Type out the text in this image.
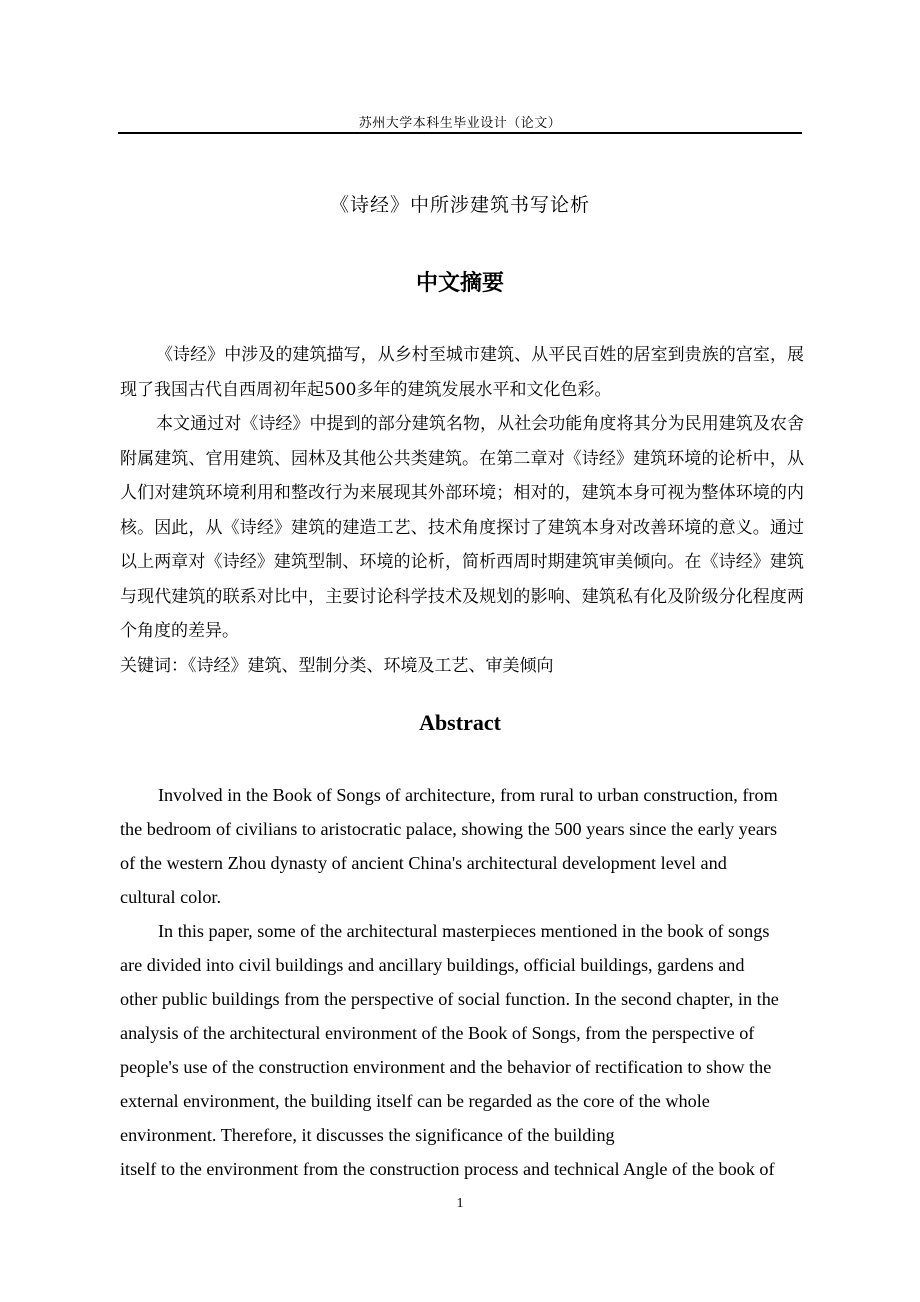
苏州大学本科生毕业设计（论文）
《诗经》中所涉建筑书写论析
中文摘要

《诗经》中涉及的建筑描写，从乡村至城市建筑、从平民百姓的居室到贵族的宫室，展现了我国古代自西周初年起500多年的建筑发展水平和文化色彩。

本文通过对《诗经》中提到的部分建筑名物，从社会功能角度将其分为民用建筑及农舍附属建筑、官用建筑、园林及其他公共类建筑。在第二章对《诗经》建筑环境的论析中，从人们对建筑环境利用和整改行为来展现其外部环境；相对的，建筑本身可视为整体环境的内核。因此，从《诗经》建筑的建造工艺、技术角度探讨了建筑本身对改善环境的意义。通过以上两章对《诗经》建筑型制、环境的论析，简析西周时期建筑审美倾向。在《诗经》建筑与现代建筑的联系对比中，主要讨论科学技术及规划的影响、建筑私有化及阶级分化程度两个角度的差异。

关键词：《诗经》建筑、型制分类、环境及工艺、审美倾向

Abstract

Involved in the Book of Songs of architecture, from rural to urban construction, from
the bedroom of civilians to aristocratic palace, showing the 500 years since the early years
of the western Zhou dynasty of ancient China's architectural development level and
cultural color.

In this paper, some of the architectural masterpieces mentioned in the book of songs
are divided into civil buildings and ancillary buildings, official buildings, gardens and
other public buildings from the perspective of social function. In the second chapter, in the
analysis of the architectural environment of the Book of Songs, from the perspective of
people's use of the construction environment and the behavior of rectification to show the
external environment, the building itself can be regarded as the core of the whole
environment. Therefore, it discusses the significance of the building
itself to the environment from the construction process and technical Angle of the book of

1
